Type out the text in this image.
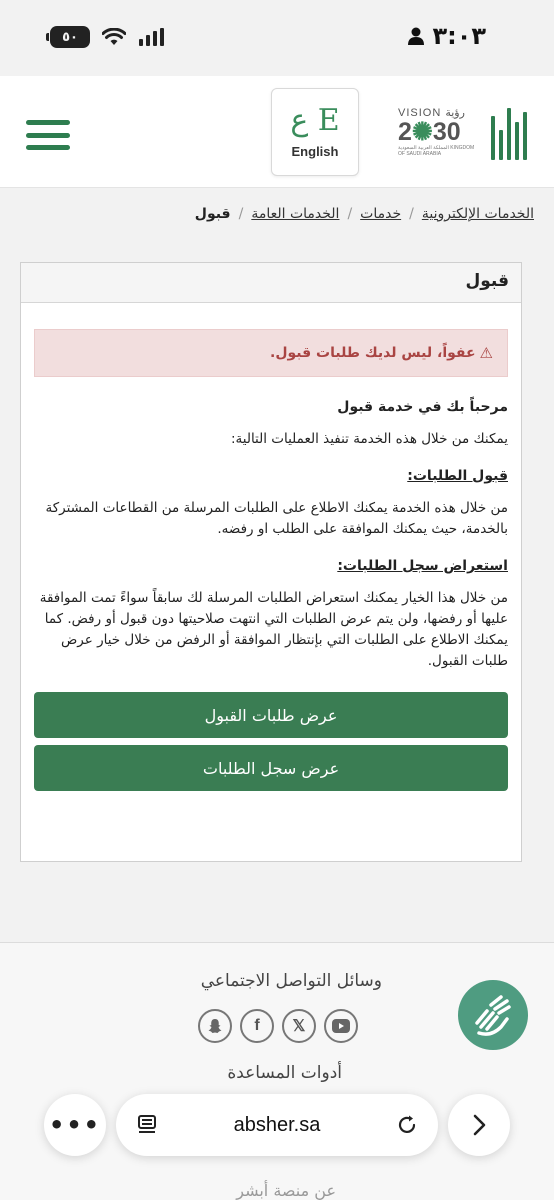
٥٠	٣:٠٣
ع E
English
VISION رؤية
2✺30
المملكة العربية السعودية KINGDOM OF SAUDI ARABIA
الخدمات الإلكترونية/خدمات/الخدمات العامة/قبول
قبول
⚠
عفواً، ليس لديك طلبات قبول.
مرحباً بك في خدمة قبول
يمكنك من خلال هذه الخدمة تنفيذ العمليات التالية:
قبول الطلبات:
من خلال هذه الخدمة يمكنك الاطلاع على الطلبات المرسلة من القطاعات المشتركة بالخدمة، حيث يمكنك الموافقة على الطلب او رفضه.
استعراض سجل الطلبات:
من خلال هذا الخيار يمكنك استعراض الطلبات المرسلة لك سابقاً سواءً تمت الموافقة عليها أو رفضها، ولن يتم عرض الطلبات التي انتهت صلاحيتها دون قبول أو رفض. كما يمكنك الاطلاع على الطلبات التي بإنتظار الموافقة أو الرفض من خلال خيار عرض طلبات القبول.
عرض طلبات القبول
عرض سجل الطلبات
وسائل التواصل الاجتماعي
f	𝕏
أدوات المساعدة
عن منصة أبشر
•••	absher.sa
